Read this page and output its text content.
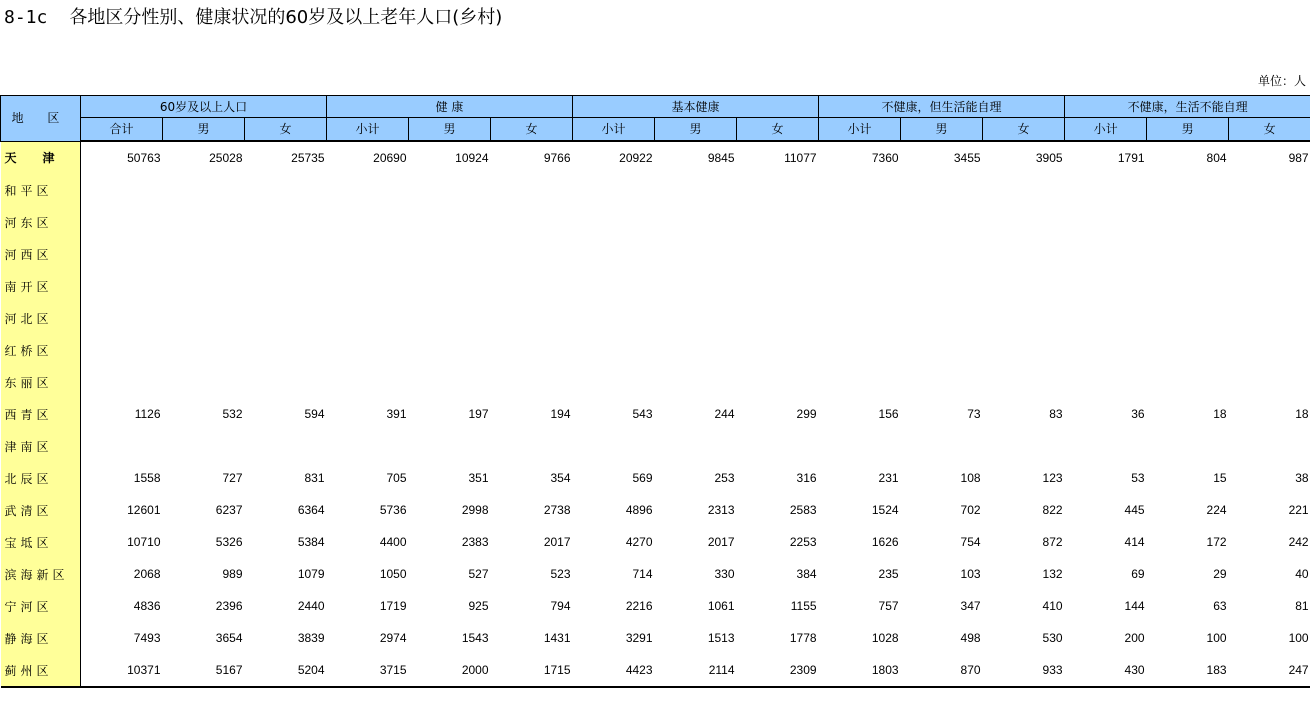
8-1c 各地区分性别、健康状况的60岁及以上老年人口(乡村)
单位：人
地 区	60岁及以上人口			健 康			基本健康			不健康，但生活能自理			不健康，生活不能自理		
	合计	男	女	小计	男	女	小计	男	女	小计	男	女	小计	男	女
天津	50763	25028	25735	20690	10924	9766	20922	9845	11077	7360	3455	3905	1791	804	987
和平区															
河东区															
河西区															
南开区															
河北区															
红桥区															
东丽区															
西青区	1126	532	594	391	197	194	543	244	299	156	73	83	36	18	18
津南区															
北辰区	1558	727	831	705	351	354	569	253	316	231	108	123	53	15	38
武清区	12601	6237	6364	5736	2998	2738	4896	2313	2583	1524	702	822	445	224	221
宝坻区	10710	5326	5384	4400	2383	2017	4270	2017	2253	1626	754	872	414	172	242
滨海新区	2068	989	1079	1050	527	523	714	330	384	235	103	132	69	29	40
宁河区	4836	2396	2440	1719	925	794	2216	1061	1155	757	347	410	144	63	81
静海区	7493	3654	3839	2974	1543	1431	3291	1513	1778	1028	498	530	200	100	100
蓟州区	10371	5167	5204	3715	2000	1715	4423	2114	2309	1803	870	933	430	183	247
